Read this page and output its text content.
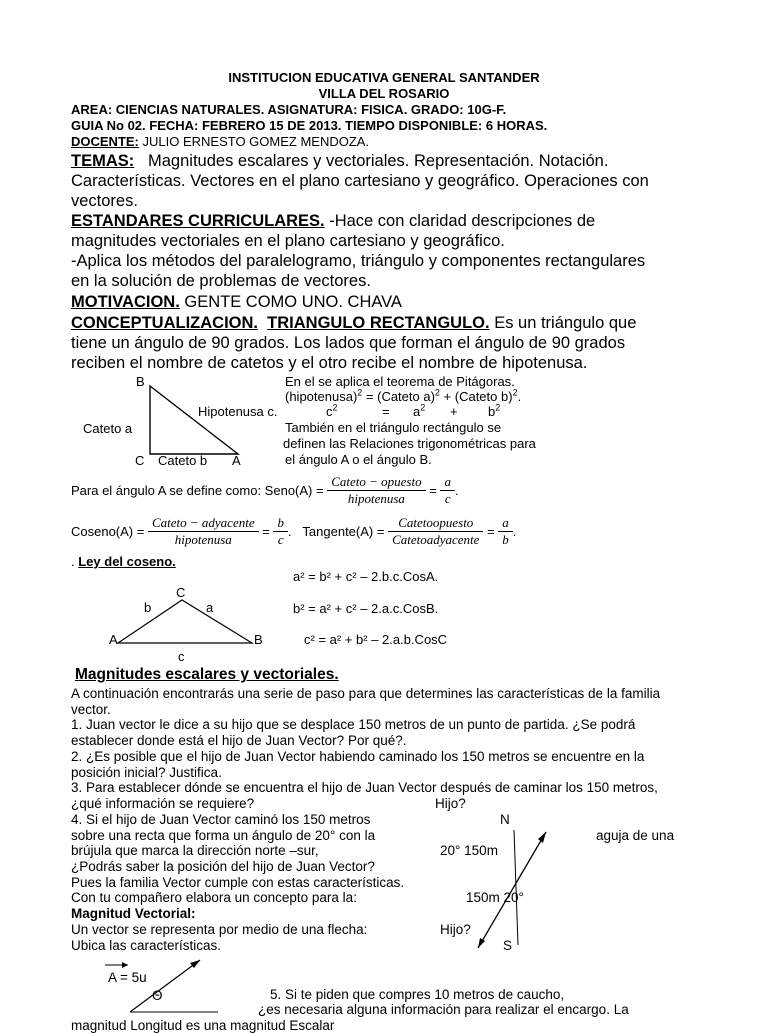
INSTITUCION EDUCATIVA GENERAL SANTANDER
VILLA DEL ROSARIO
AREA: CIENCIAS NATURALES. ASIGNATURA: FISICA. GRADO: 10G-F.
GUIA No 02. FECHA: FEBRERO 15 DE 2013. TIEMPO DISPONIBLE: 6 HORAS.
DOCENTE: JULIO ERNESTO GOMEZ MENDOZA.
TEMAS: Magnitudes escalares y vectoriales. Representación. Notación.
Características. Vectores en el plano cartesiano y geográfico. Operaciones con
vectores.
ESTANDARES CURRICULARES. -Hace con claridad descripciones de
magnitudes vectoriales en el plano cartesiano y geográfico.
-Aplica los métodos del paralelogramo, triángulo y componentes rectangulares
en la solución de problemas de vectores.
MOTIVACION. GENTE COMO UNO. CHAVA
CONCEPTUALIZACION. TRIANGULO RECTANGULO. Es un triángulo que
tiene un ángulo de 90 grados. Los lados que forman el ángulo de 90 grados
reciben el nombre de catetos y el otro recibe el nombre de hipotenusa.
B
Cateto a
Hipotenusa c.
C Cateto b A
En el se aplica el teorema de Pitágoras.
(hipotenusa)$^2$ = (Cateto a)$^2$ + (Cateto b)$^2$.
$c^2$	= $a^2 + b^2$
También en el triángulo rectángulo se
definen las Relaciones trigonométricas para
el ángulo A o el ángulo B.
Para el ángulo A se define como: Seno(A) =
$\frac{\text{Cateto − opuesto}}{\text{hipotenusa}}$
=
$\frac{a}{c}$ .
Coseno(A) =
$\frac{\text{Cateto − adyacente}}{\text{hipotenusa}}$
=
$\frac{b}{c}$ .
Tangente(A) =
$\frac{\text{Catetoopuesto}}{\text{Catetoadyacente}}$
=
$\frac{a}{b}$ .
. Ley del coseno.
a² = b² + c² – 2.b.c.CosA.
b² = a² + c² – 2.a.c.CosB.
c² = a² + b² – 2.a.b.CosC
C
b	a
A	B
c
Magnitudes escalares y vectoriales.
A continuación encontrarás una serie de paso para que determines las características de la familia
vector.
1. Juan vector le dice a su hijo que se desplace 150 metros de un punto de partida. ¿Se podrá
establecer donde está el hijo de Juan Vector? Por qué?.
2. ¿Es posible que el hijo de Juan Vector habiendo caminado los 150 metros se encuentre en la
posición inicial? Justifica.
3. Para establecer dónde se encuentra el hijo de Juan Vector después de caminar los 150 metros,
¿qué información se requiere?	Hijo?
4. Si el hijo de Juan Vector caminó los 150 metros	N
sobre una recta que forma un ángulo de 20° con la	aguja de una
brújula que marca la dirección norte –sur,	20° 150m
¿Podrás saber la posición del hijo de Juan Vector?
Pues la familia Vector cumple con estas características.
Con tu compañero elabora un concepto para la:	150m 20°
Magnitud Vectorial:
Un vector se representa por medio de una flecha:	Hijo?
Ubica las características.	S
A = 5u
Θ	5. Si te piden que compres 10 metros de caucho,
¿es necesaria alguna información para realizar el encargo. La
magnitud Longitud es una magnitud Escalar
